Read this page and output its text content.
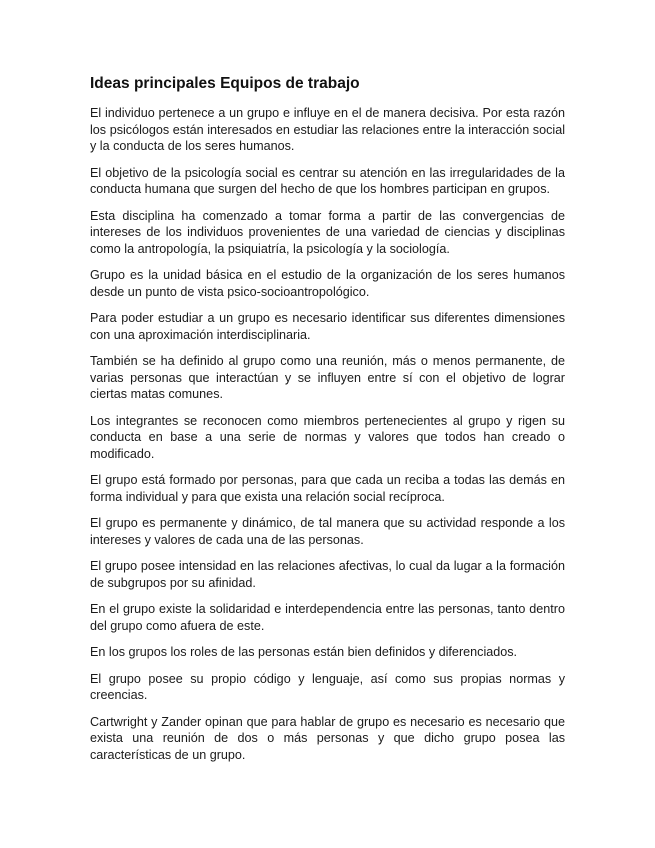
Ideas principales Equipos de trabajo

El individuo pertenece a un grupo e influye en el de manera decisiva. Por esta razón los psicólogos están interesados en estudiar las relaciones entre la interacción social y la conducta de los seres humanos.

El objetivo de la psicología social es centrar su atención en las irregularidades de la conducta humana que surgen del hecho de que los hombres participan en grupos.

Esta disciplina ha comenzado a tomar forma a partir de las convergencias de intereses de los individuos provenientes de una variedad de ciencias y disciplinas como la antropología, la psiquiatría, la psicología y la sociología.

Grupo es la unidad básica en el estudio de la organización de los seres humanos desde un punto de vista psico-socioantropológico.

Para poder estudiar a un grupo es necesario identificar sus diferentes dimensiones con una aproximación interdisciplinaria.

También se ha definido al grupo como una reunión, más o menos permanente, de varias personas que interactúan y se influyen entre sí con el objetivo de lograr ciertas matas comunes.

Los integrantes se reconocen como miembros pertenecientes al grupo y rigen su conducta en base a una serie de normas y valores que todos han creado o modificado.

El grupo está formado por personas, para que cada un reciba a todas las demás en forma individual y para que exista una relación social recíproca.

El grupo es permanente y dinámico, de tal manera que su actividad responde a los intereses y valores de cada una de las personas.

El grupo posee intensidad en las relaciones afectivas, lo cual da lugar a la formación de subgrupos por su afinidad.

En el grupo existe la solidaridad e interdependencia entre las personas, tanto dentro del grupo como afuera de este.

En los grupos los roles de las personas están bien definidos y diferenciados.

El grupo posee su propio código y lenguaje, así como sus propias normas y creencias.

Cartwright y Zander opinan que para hablar de grupo es necesario es necesario que exista una reunión de dos o más personas y que dicho grupo posea las características de un grupo.
